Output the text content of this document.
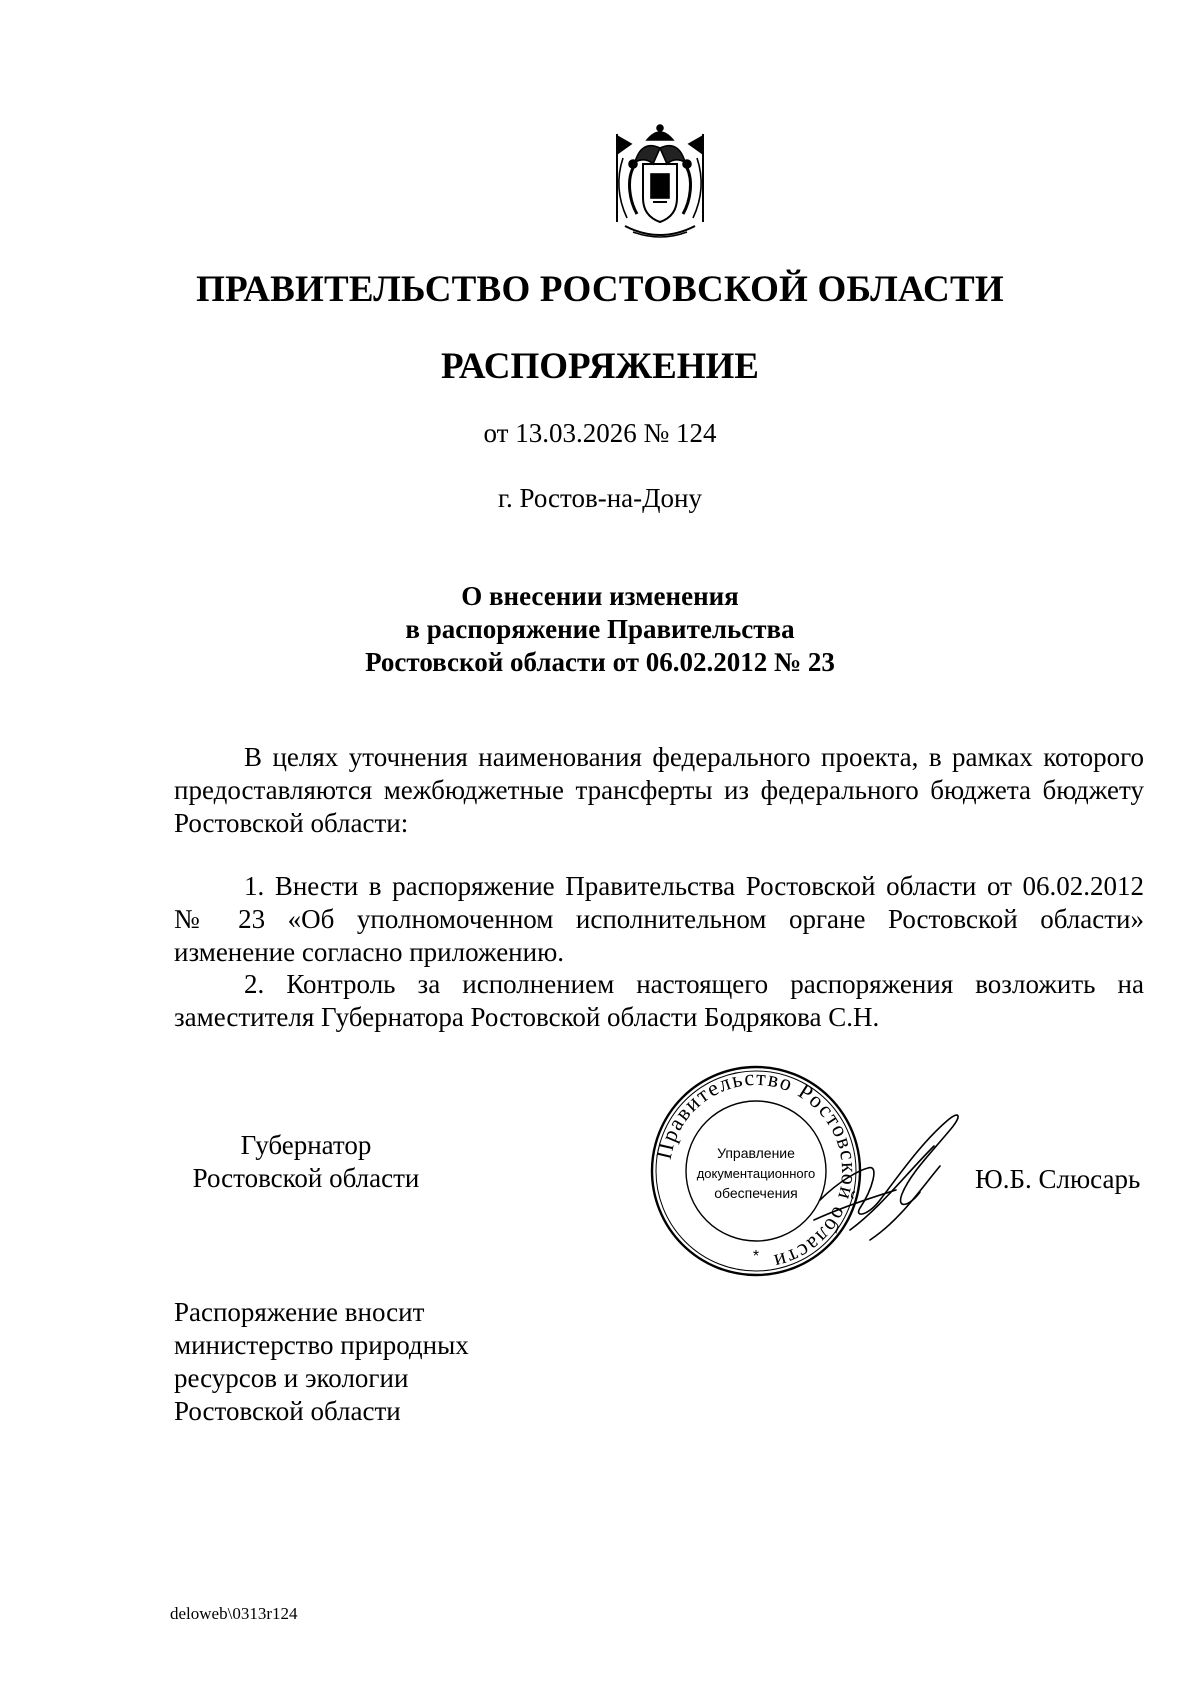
ПРАВИТЕЛЬСТВО РОСТОВСКОЙ ОБЛАСТИ
РАСПОРЯЖЕНИЕ
от 13.03.2026 № 124
г. Ростов-на-Дону
О внесении изменения
в распоряжение Правительства
Ростовской области от 06.02.2012 № 23
В целях уточнения наименования федерального проекта, в рамках которого предоставляются межбюджетные трансферты из федерального бюджета бюджету Ростовской области:
1. Внести в распоряжение Правительства Ростовской области от 06.02.2012 № 23 «Об уполномоченном исполнительном органе Ростовской области» изменение согласно приложению.
2. Контроль за исполнением настоящего распоряжения возложить на заместителя Губернатора Ростовской области Бодрякова С.Н.
Губернатор
Ростовской области
Правительство Ростовской области
Управление
документационного
обеспечения
*
Ю.Б. Слюсарь
Распоряжение вносит
министерство природных
ресурсов и экологии
Ростовской области
deloweb\0313r124
